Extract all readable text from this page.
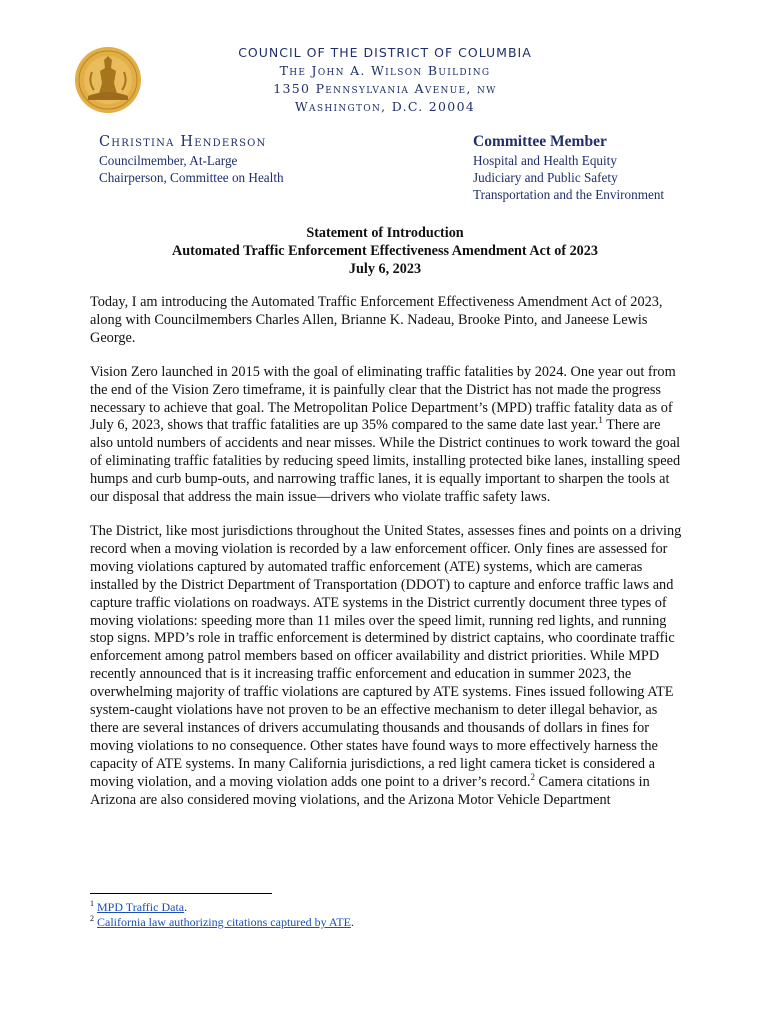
COUNCIL OF THE DISTRICT OF COLUMBIA
The John A. Wilson Building
1350 Pennsylvania Avenue, nw
Washington, D.C. 20004
Christina Henderson
Councilmember, At-Large
Chairperson, Committee on Health
Committee Member
Hospital and Health Equity
Judiciary and Public Safety
Transportation and the Environment
Statement of Introduction
Automated Traffic Enforcement Effectiveness Amendment Act of 2023
July 6, 2023

Today, I am introducing the Automated Traffic Enforcement Effectiveness Amendment Act of 2023, along with Councilmembers Charles Allen, Brianne K. Nadeau, Brooke Pinto, and Janeese Lewis George.

Vision Zero launched in 2015 with the goal of eliminating traffic fatalities by 2024. One year out from the end of the Vision Zero timeframe, it is painfully clear that the District has not made the progress necessary to achieve that goal. The Metropolitan Police Department’s (MPD) traffic fatality data as of July 6, 2023, shows that traffic fatalities are up 35% compared to the same date last year.$^1$ There are also untold numbers of accidents and near misses. While the District continues to work toward the goal of eliminating traffic fatalities by reducing speed limits, installing protected bike lanes, installing speed humps and curb bump-outs, and narrowing traffic lanes, it is equally important to sharpen the tools at our disposal that address the main issue—drivers who violate traffic safety laws.

The District, like most jurisdictions throughout the United States, assesses fines and points on a driving record when a moving violation is recorded by a law enforcement officer. Only fines are assessed for moving violations captured by automated traffic enforcement (ATE) systems, which are cameras installed by the District Department of Transportation (DDOT) to capture and enforce traffic laws and capture traffic violations on roadways. ATE systems in the District currently document three types of moving violations: speeding more than 11 miles over the speed limit, running red lights, and running stop signs. MPD’s role in traffic enforcement is determined by district captains, who coordinate traffic enforcement among patrol members based on officer availability and district priorities. While MPD recently announced that is it increasing traffic enforcement and education in summer 2023, the overwhelming majority of traffic violations are captured by ATE systems. Fines issued following ATE system-caught violations have not proven to be an effective mechanism to deter illegal behavior, as there are several instances of drivers accumulating thousands and thousands of dollars in fines for moving violations to no consequence. Other states have found ways to more effectively harness the capacity of ATE systems. In many California jurisdictions, a red light camera ticket is considered a moving violation, and a moving violation adds one point to a driver’s record.$^2$ Camera citations in Arizona are also considered moving violations, and the Arizona Motor Vehicle Department

$^1$ MPD Traffic Data.
$^2$ California law authorizing citations captured by ATE.
